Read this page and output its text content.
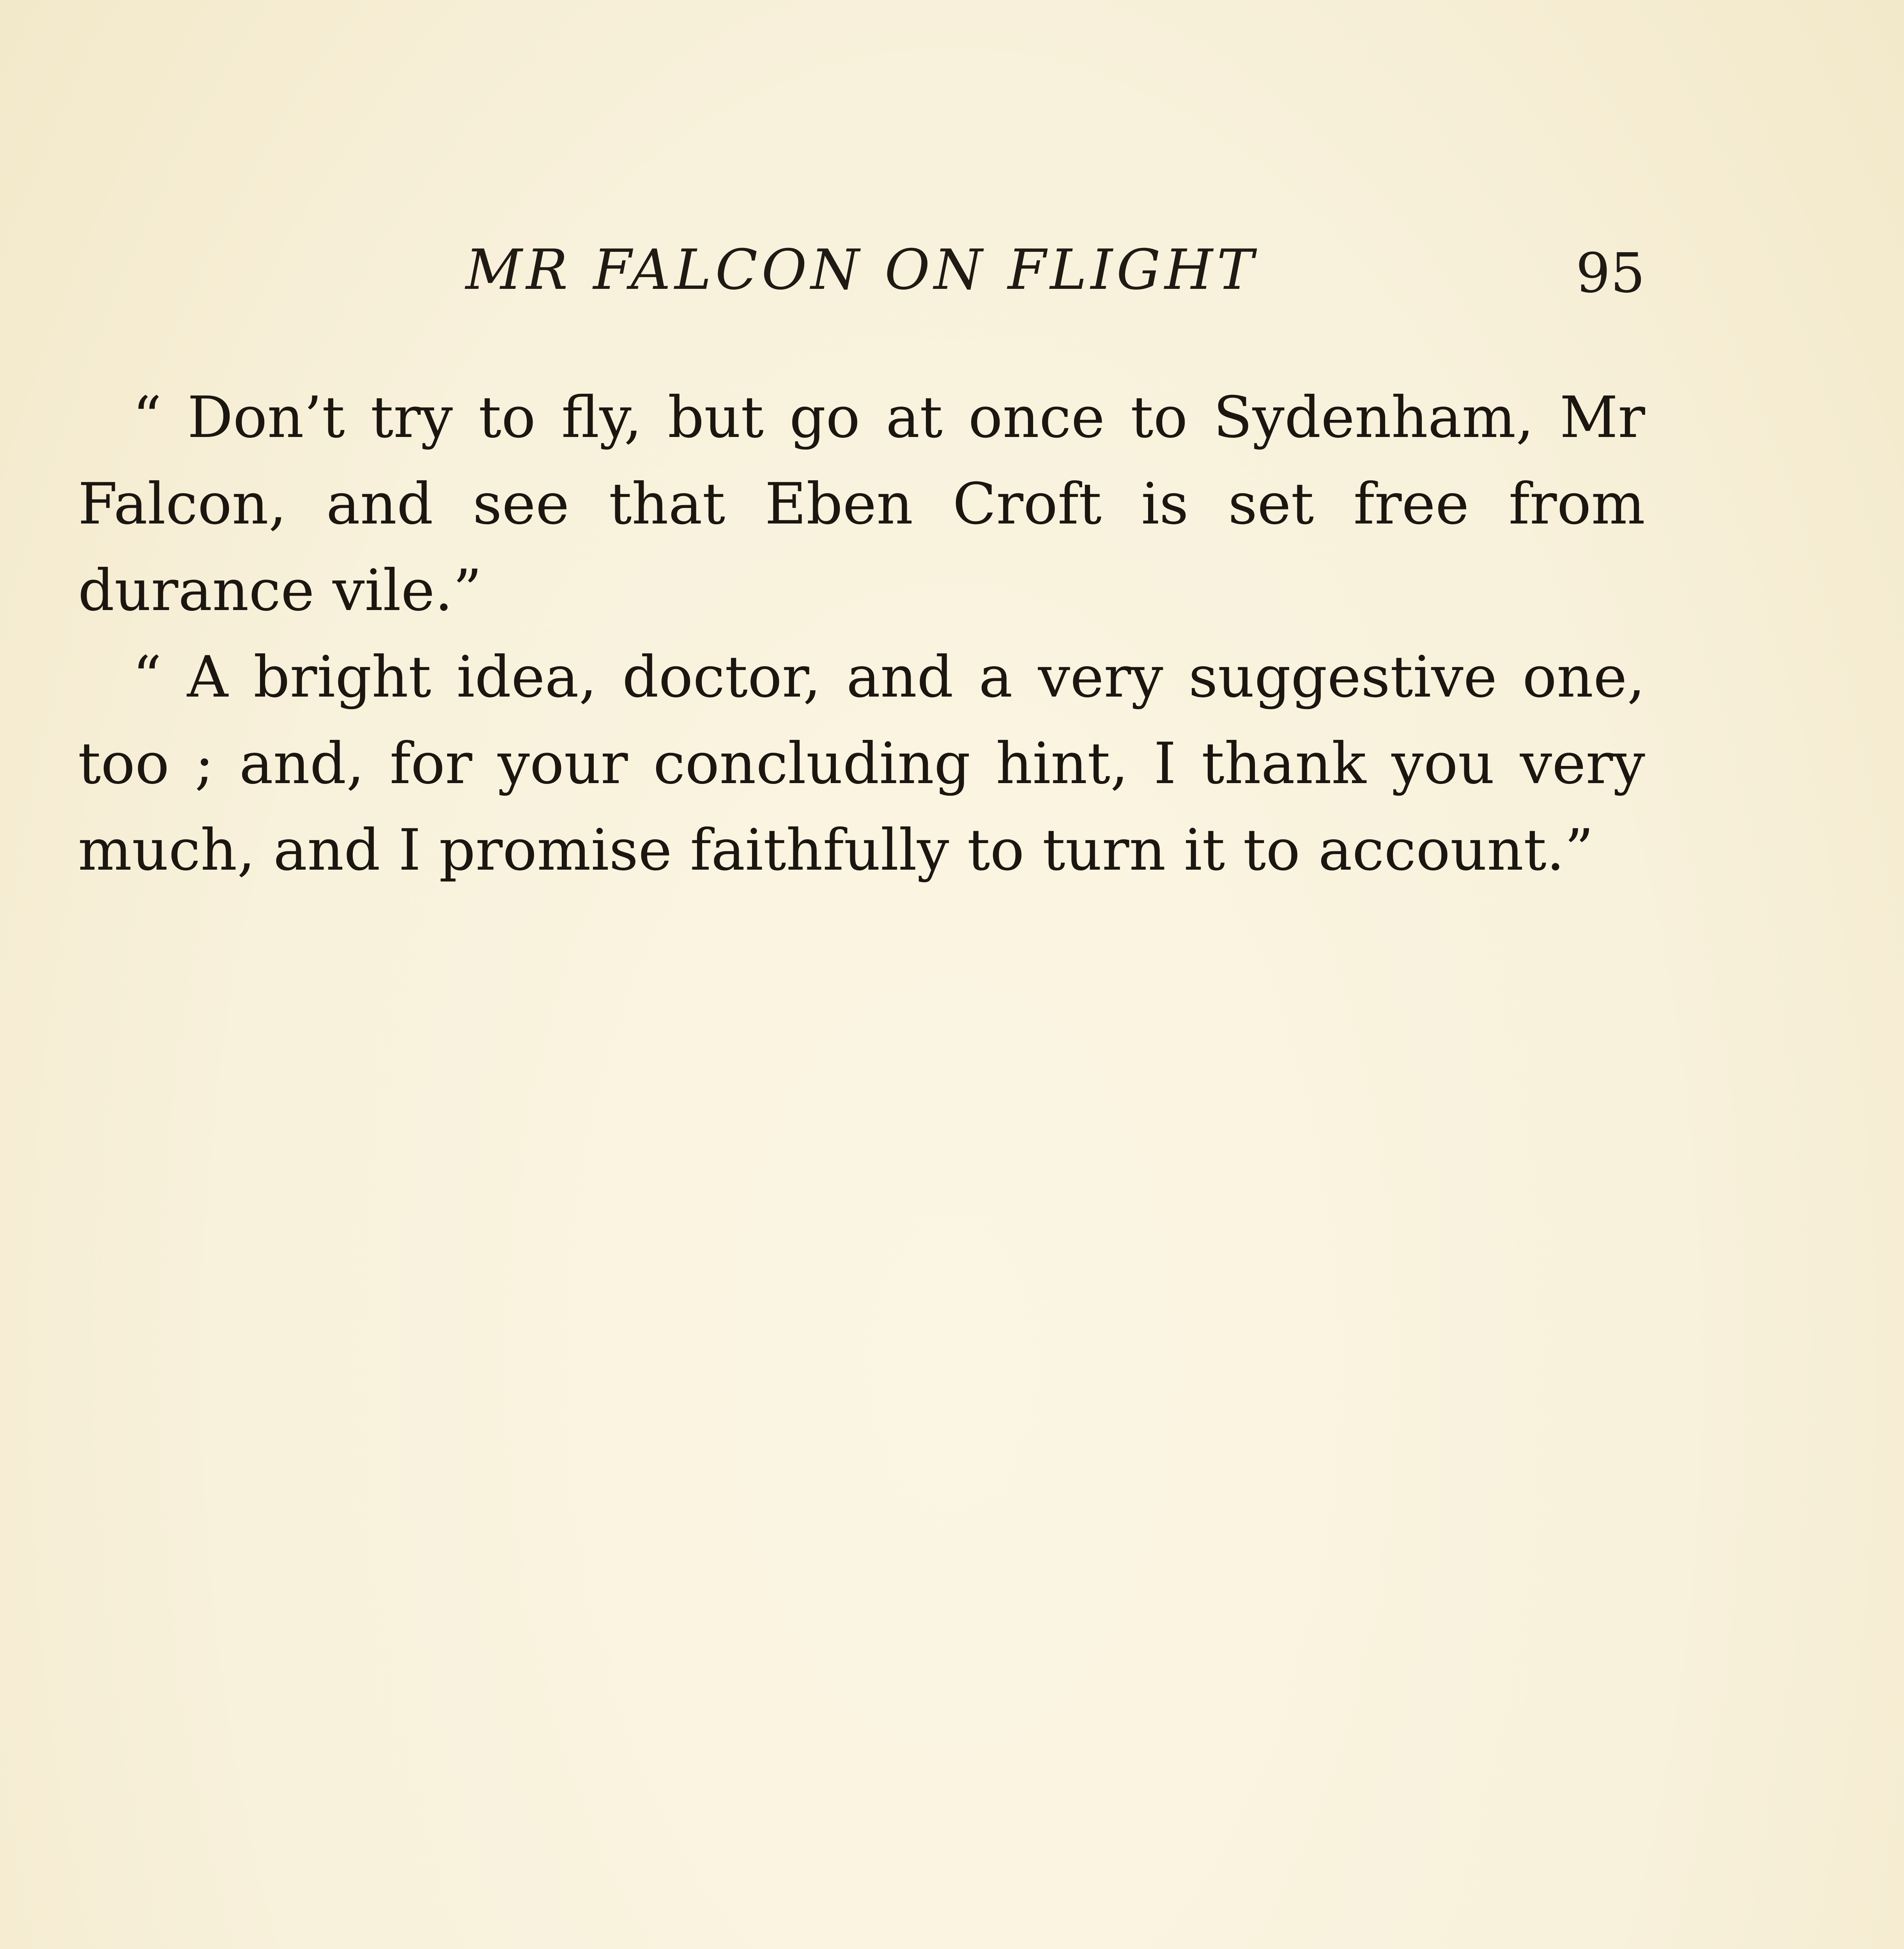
MR FALCON ON FLIGHT	95

“ Don’t try to fly, but go at once to Sydenham, Mr Falcon, and see that Eben Croft is set free from durance vile.”

“ A bright idea, doctor, and a very suggestive one, too ; and, for your concluding hint, I thank you very much, and I promise faithfully to turn it to account.”
